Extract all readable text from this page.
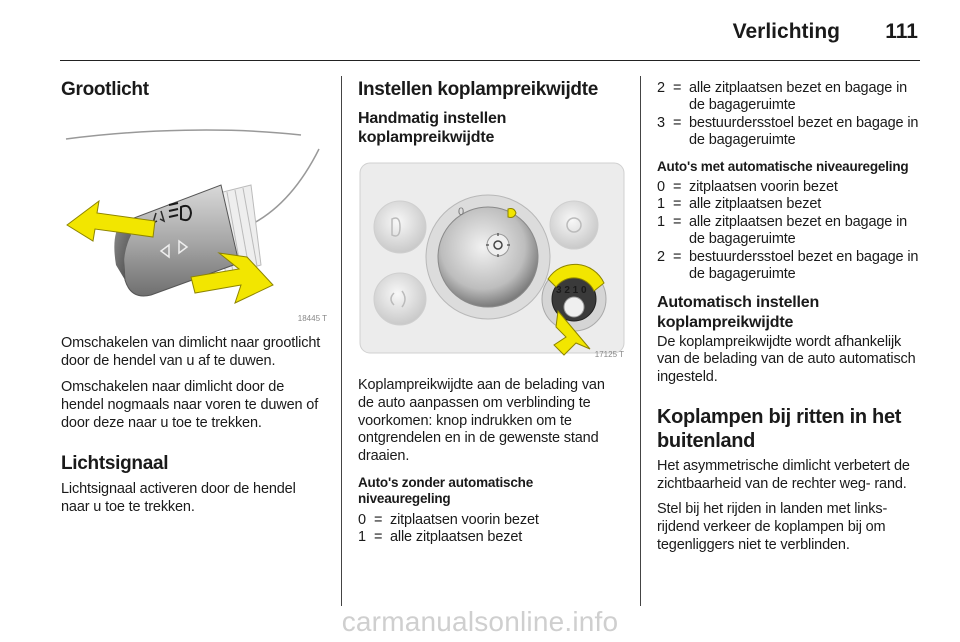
Verlichting 111
Grootlicht
18445 T

Omschakelen van dimlicht naar grootlicht door de hendel van u af te duwen.

Omschakelen naar dimlicht door de hendel nogmaals naar voren te duwen of door deze naar u toe te trekken.

Lichtsignaal

Lichtsignaal activeren door de hendel naar u toe te trekken.

Instellen koplampreikwijdte
Handmatig instellen koplampreikwijdte
0
3 2 1 0
17125 T

Koplampreikwijdte aan de belading van de auto aanpassen om verblinding te voorkomen: knop indrukken om te ontgrendelen en in de gewenste stand draaien.

Auto's zonder automatische niveauregeling
0 = zitplaatsen voorin bezet
1 = alle zitplaatsen bezet
2 = alle zitplaatsen bezet en bagage in de bagageruimte
3 = bestuurdersstoel bezet en bagage in de bagageruimte
Auto's met automatische niveauregeling
0 = zitplaatsen voorin bezet
1 = alle zitplaatsen bezet
1 = alle zitplaatsen bezet en bagage in de bagageruimte
2 = bestuurdersstoel bezet en bagage in de bagageruimte
Automatisch instellen koplampreikwijdte

De koplampreikwijdte wordt afhankelijk van de belading van de auto automatisch ingesteld.

Koplampen bij ritten in het buitenland

Het asymmetrische dimlicht verbetert de zichtbaarheid van de rechter weg- rand.

Stel bij het rijden in landen met links- rijdend verkeer de koplampen bij om tegenliggers niet te verblinden.

carmanualsonline.info
